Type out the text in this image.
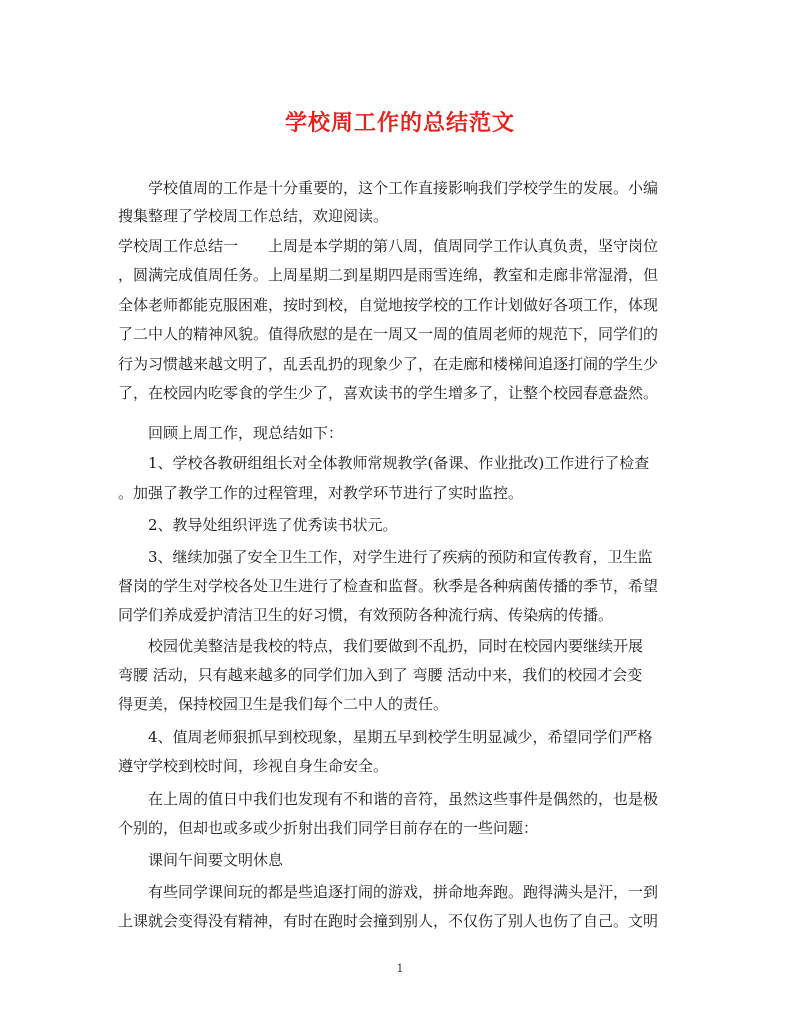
学校周工作的总结范文
　　学校值周的工作是十分重要的，这个工作直接影响我们学校学生的发展。小编
搜集整理了学校周工作总结，欢迎阅读。
学校周工作总结一　　上周是本学期的第八周，值周同学工作认真负责，坚守岗位
，圆满完成值周任务。上周星期二到星期四是雨雪连绵，教室和走廊非常湿滑，但
全体老师都能克服困难，按时到校，自觉地按学校的工作计划做好各项工作，体现
了二中人的精神风貌。值得欣慰的是在一周又一周的值周老师的规范下，同学们的
行为习惯越来越文明了，乱丢乱扔的现象少了，在走廊和楼梯间追逐打闹的学生少
了，在校园内吃零食的学生少了，喜欢读书的学生增多了，让整个校园春意盎然。
　　回顾上周工作，现总结如下：
　　1、学校各教研组组长对全体教师常规教学(备课、作业批改)工作进行了检查
。加强了教学工作的过程管理，对教学环节进行了实时监控。
　　2、教导处组织评选了优秀读书状元。
　　3、继续加强了安全卫生工作，对学生进行了疾病的预防和宣传教育，卫生监
督岗的学生对学校各处卫生进行了检查和监督。秋季是各种病菌传播的季节，希望
同学们养成爱护清洁卫生的好习惯，有效预防各种流行病、传染病的传播。
　　校园优美整洁是我校的特点，我们要做到不乱扔，同时在校园内要继续开展
弯腰 活动，只有越来越多的同学们加入到了 弯腰 活动中来，我们的校园才会变
得更美，保持校园卫生是我们每个二中人的责任。
　　4、值周老师狠抓早到校现象，星期五早到校学生明显减少，希望同学们严格
遵守学校到校时间，珍视自身生命安全。
　　在上周的值日中我们也发现有不和谐的音符，虽然这些事件是偶然的，也是极
个别的，但却也或多或少折射出我们同学目前存在的一些问题：
　　课间午间要文明休息
　　有些同学课间玩的都是些追逐打闹的游戏，拼命地奔跑。跑得满头是汗，一到
上课就会变得没有精神，有时在跑时会撞到别人，不仅伤了别人也伤了自己。文明
1
